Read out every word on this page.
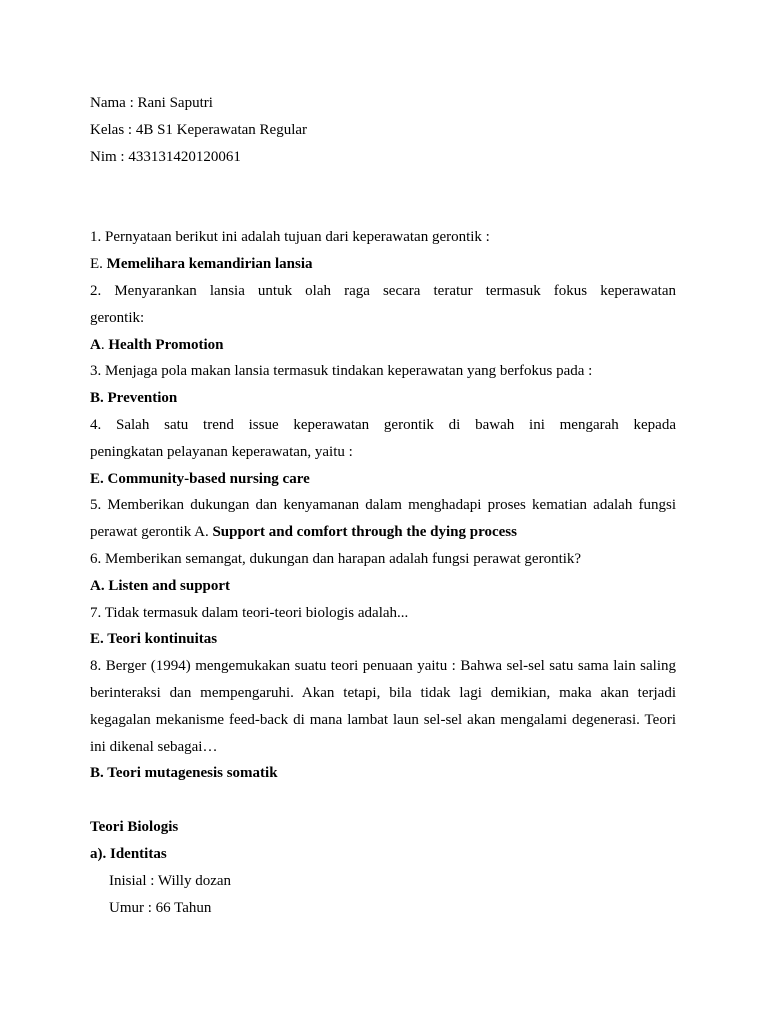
Nama : Rani Saputri
Kelas : 4B S1 Keperawatan Regular
Nim : 433131420120061
1. Pernyataan berikut ini adalah tujuan dari keperawatan gerontik :
E. Memelihara kemandirian lansia
2. Menyarankan lansia untuk olah raga secara teratur termasuk fokus keperawatan
gerontik:
A. Health Promotion
3. Menjaga pola makan lansia termasuk tindakan keperawatan yang berfokus pada :
B. Prevention
4. Salah satu trend issue keperawatan gerontik di bawah ini mengarah kepada
peningkatan pelayanan keperawatan, yaitu :
E. Community-based nursing care
5. Memberikan dukungan dan kenyamanan dalam menghadapi proses kematian adalah fungsi
perawat gerontik A. Support and comfort through the dying process
6. Memberikan semangat, dukungan dan harapan adalah fungsi perawat gerontik?
A. Listen and support
7. Tidak termasuk dalam teori-teori biologis adalah...
E. Teori kontinuitas
8. Berger (1994) mengemukakan suatu teori penuaan yaitu : Bahwa sel-sel satu sama lain saling
berinteraksi dan mempengaruhi. Akan tetapi, bila tidak lagi demikian, maka akan terjadi
kegagalan mekanisme feed-back di mana lambat laun sel-sel akan mengalami degenerasi. Teori
ini dikenal sebagai…
B. Teori mutagenesis somatik
Teori Biologis
a). Identitas
Inisial : Willy dozan
Umur : 66 Tahun
